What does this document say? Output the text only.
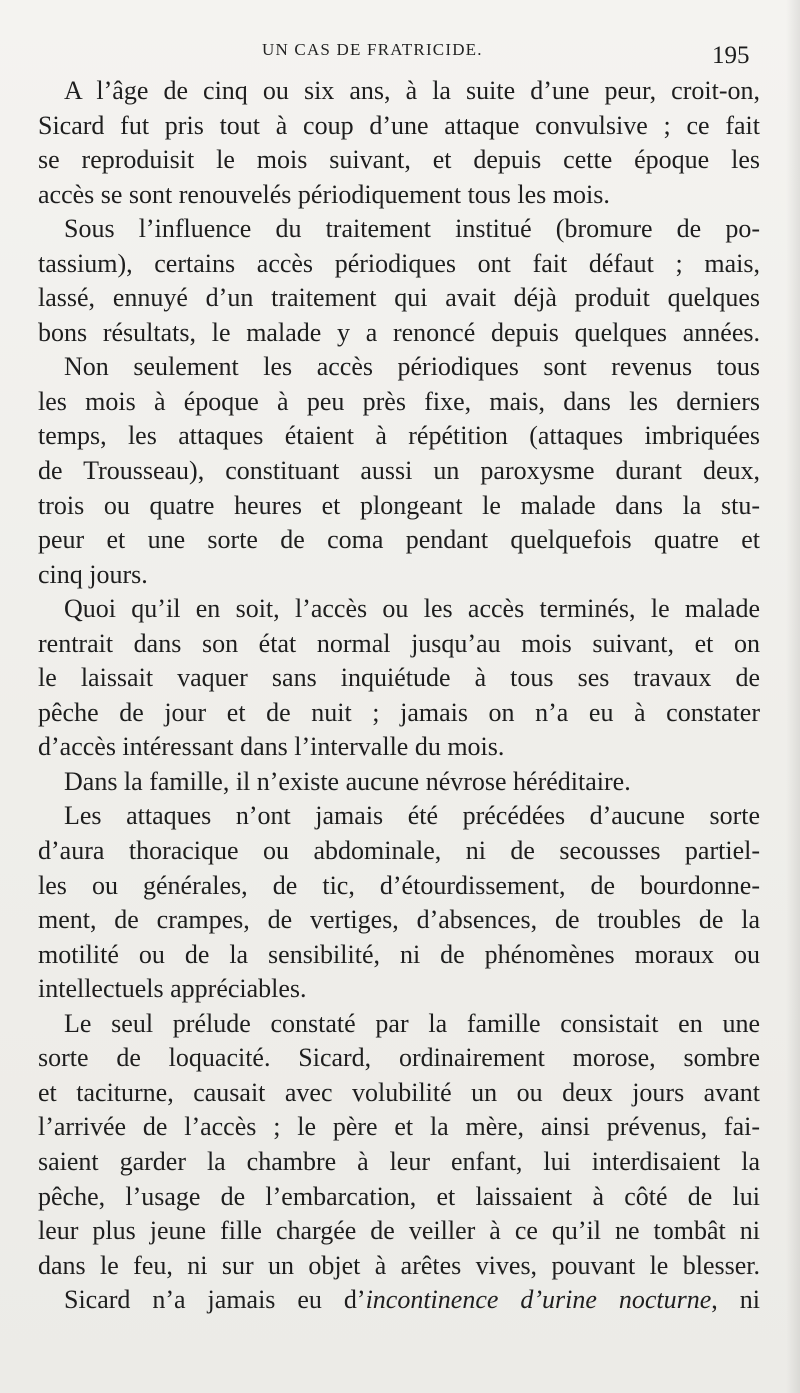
UN CAS DE FRATRICIDE.	195
A l’âge de cinq ou six ans, à la suite d’une peur, croit-on,
Sicard fut pris tout à coup d’une attaque convulsive ; ce fait
se reproduisit le mois suivant, et depuis cette époque les
accès se sont renouvelés périodiquement tous les mois.
Sous l’influence du traitement institué (bromure de po-
tassium), certains accès périodiques ont fait défaut ; mais,
lassé, ennuyé d’un traitement qui avait déjà produit quelques
bons résultats, le malade y a renoncé depuis quelques années.
Non seulement les accès périodiques sont revenus tous
les mois à époque à peu près fixe, mais, dans les derniers
temps, les attaques étaient à répétition (attaques imbriquées
de Trousseau), constituant aussi un paroxysme durant deux,
trois ou quatre heures et plongeant le malade dans la stu-
peur et une sorte de coma pendant quelquefois quatre et
cinq jours.
Quoi qu’il en soit, l’accès ou les accès terminés, le malade
rentrait dans son état normal jusqu’au mois suivant, et on
le laissait vaquer sans inquiétude à tous ses travaux de
pêche de jour et de nuit ; jamais on n’a eu à constater
d’accès intéressant dans l’intervalle du mois.
Dans la famille, il n’existe aucune névrose héréditaire.
Les attaques n’ont jamais été précédées d’aucune sorte
d’aura thoracique ou abdominale, ni de secousses partiel-
les ou générales, de tic, d’étourdissement, de bourdonne-
ment, de crampes, de vertiges, d’absences, de troubles de la
motilité ou de la sensibilité, ni de phénomènes moraux ou
intellectuels appréciables.
Le seul prélude constaté par la famille consistait en une
sorte de loquacité. Sicard, ordinairement morose, sombre
et taciturne, causait avec volubilité un ou deux jours avant
l’arrivée de l’accès ; le père et la mère, ainsi prévenus, fai-
saient garder la chambre à leur enfant, lui interdisaient la
pêche, l’usage de l’embarcation, et laissaient à côté de lui
leur plus jeune fille chargée de veiller à ce qu’il ne tombât ni
dans le feu, ni sur un objet à arêtes vives, pouvant le blesser.
Sicard n’a jamais eu d’incontinence d’urine nocturne, ni
